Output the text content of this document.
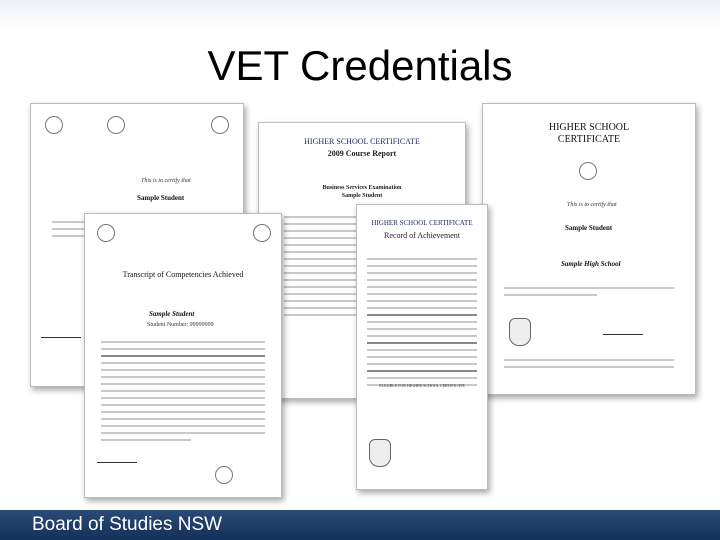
VET Credentials
This is to certify that
Sample Student
HIGHER SCHOOL CERTIFICATE
2009 Course Report
Business Services Examination
Sample Student
HIGHER SCHOOL
CERTIFICATE
This is to certify that
Sample Student
Sample High School
HIGHER SCHOOL CERTIFICATE
Record of Achievement
ELIGIBLE FOR HIGHER SCHOOL CERTIFICATE
Transcript of Competencies Achieved
Sample Student
Student Number: 99999999
Board of Studies NSW
